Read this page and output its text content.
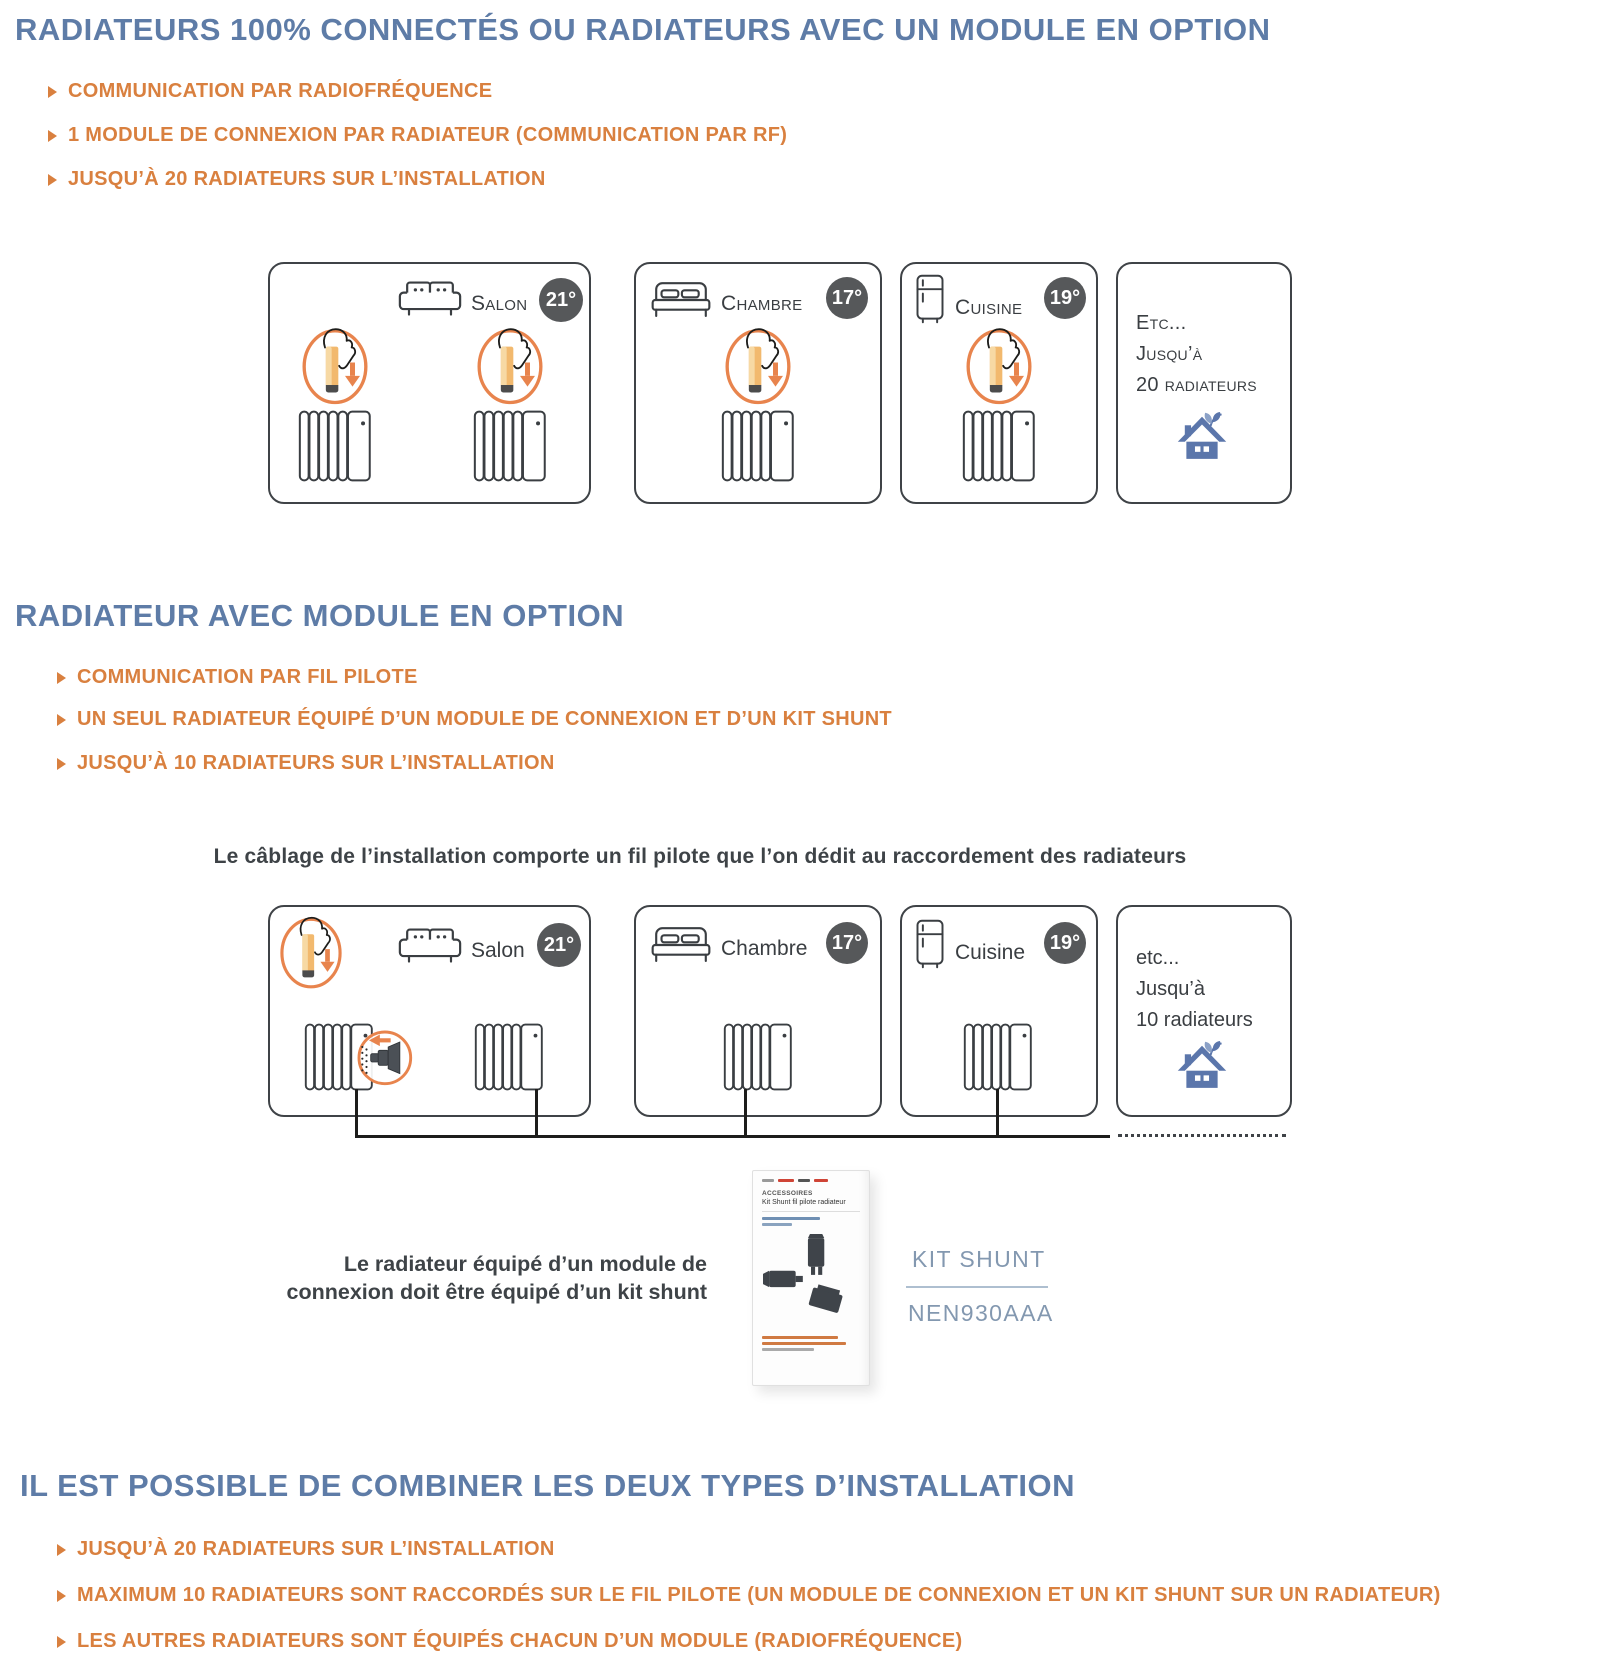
RADIATEURS 100% CONNECTÉS OU RADIATEURS AVEC UN MODULE EN OPTION
COMMUNICATION PAR RADIOFRÉQUENCE
1 MODULE DE CONNEXION PAR RADIATEUR (COMMUNICATION PAR RF)
JUSQU’À 20 RADIATEURS SUR L’INSTALLATION
Salon 21°	Chambre 17°	Cuisine 19°
Etc...
Jusqu’à
20 radiateurs
RADIATEUR AVEC MODULE EN OPTION
COMMUNICATION PAR FIL PILOTE
UN SEUL RADIATEUR ÉQUIPÉ D’UN MODULE DE CONNEXION ET D’UN KIT SHUNT
JUSQU’À 10 RADIATEURS SUR L’INSTALLATION
Le câblage de l’installation comporte un fil pilote que l’on dédit au raccordement des radiateurs
Salon 21°	Chambre 17°	Cuisine 19°
etc...
Jusqu’à
10 radiateurs
Le radiateur équipé d’un module de
connexion doit être équipé d’un kit shunt
ACCESSOIRES
Kit Shunt fil pilote radiateur
KIT SHUNT
NEN930AAA
IL EST POSSIBLE DE COMBINER LES DEUX TYPES D’INSTALLATION
JUSQU’À 20 RADIATEURS SUR L’INSTALLATION
MAXIMUM 10 RADIATEURS SONT RACCORDÉS SUR LE FIL PILOTE (UN MODULE DE CONNEXION ET UN KIT SHUNT SUR UN RADIATEUR)
LES AUTRES RADIATEURS SONT ÉQUIPÉS CHACUN D’UN MODULE (RADIOFRÉQUENCE)
